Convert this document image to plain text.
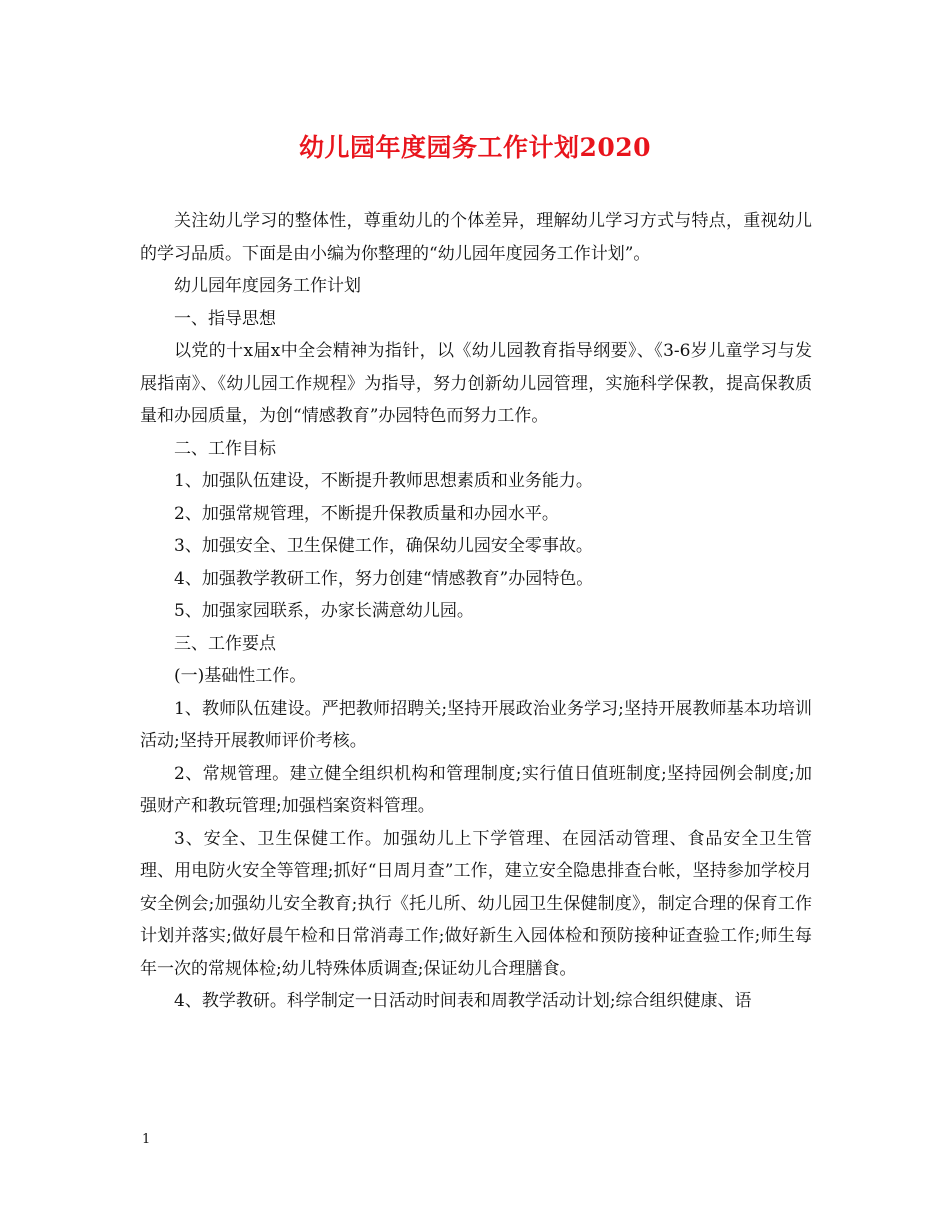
幼儿园年度园务工作计划2020

关注幼儿学习的整体性，尊重幼儿的个体差异，理解幼儿学习方式与特点，重视幼儿的学习品质。下面是由小编为你整理的“幼儿园年度园务工作计划”。

幼儿园年度园务工作计划

一、指导思想

以党的十x届x中全会精神为指针，以《幼儿园教育指导纲要》、《3-6岁儿童学习与发展指南》、《幼儿园工作规程》为指导，努力创新幼儿园管理，实施科学保教，提高保教质量和办园质量，为创“情感教育”办园特色而努力工作。

二、工作目标

1、加强队伍建设，不断提升教师思想素质和业务能力。

2、加强常规管理，不断提升保教质量和办园水平。

3、加强安全、卫生保健工作，确保幼儿园安全零事故。

4、加强教学教研工作，努力创建“情感教育”办园特色。

5、加强家园联系，办家长满意幼儿园。

三、工作要点

(一)基础性工作。

1、教师队伍建设。严把教师招聘关;坚持开展政治业务学习;坚持开展教师基本功培训活动;坚持开展教师评价考核。

2、常规管理。建立健全组织机构和管理制度;实行值日值班制度;坚持园例会制度;加强财产和教玩管理;加强档案资料管理。

3、安全、卫生保健工作。加强幼儿上下学管理、在园活动管理、食品安全卫生管理、用电防火安全等管理;抓好“日周月查”工作，建立安全隐患排查台帐，坚持参加学校月安全例会;加强幼儿安全教育;执行《托儿所、幼儿园卫生保健制度》，制定合理的保育工作计划并落实;做好晨午检和日常消毒工作;做好新生入园体检和预防接种证查验工作;师生每年一次的常规体检;幼儿特殊体质调查;保证幼儿合理膳食。

4、教学教研。科学制定一日活动时间表和周教学活动计划;综合组织健康、语

1
